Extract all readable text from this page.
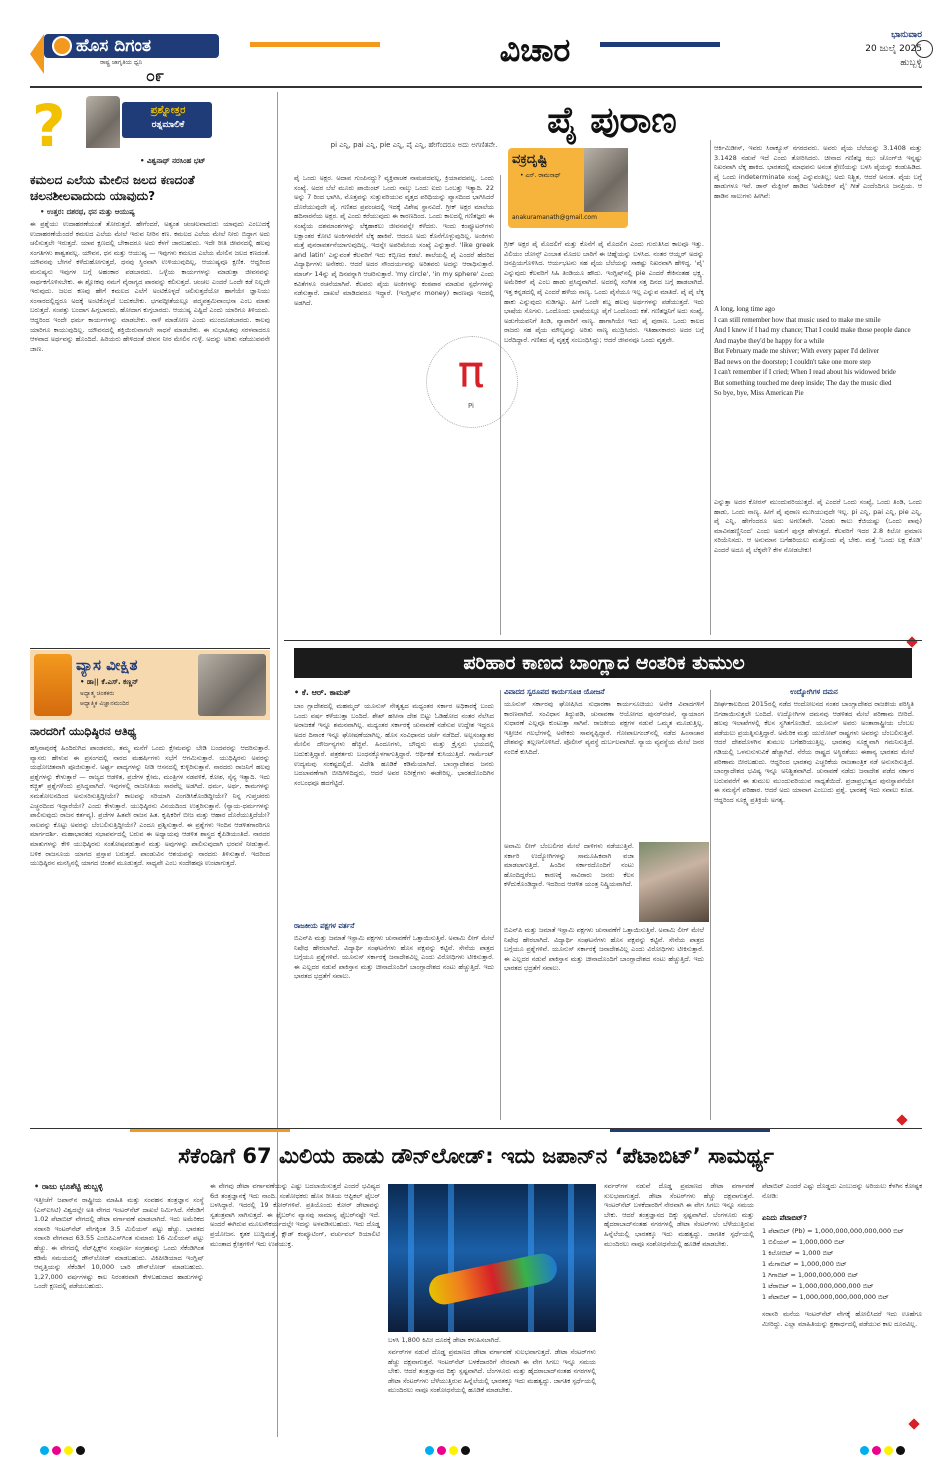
ಹೊಸ ದಿಗಂತ
ರಾಷ್ಟ್ರ ಜಾಗೃತಿಯ ಧ್ವನಿ
೦೯
ವಿಚಾರ	ಭಾನುವಾರ
20 ಜುಲೈ 2025
ಹುಬ್ಬಳ್ಳಿ
?	ಪ್ರಶ್ನೋತ್ತರ
ರತ್ನಮಾಲಿಕೆ
• ವಿಶ್ವನಾಥ್ ನರಸಿಂಹ ಭಟ್
ಕಮಲದ ಎಲೆಯ ಮೇಲಿನ ಜಲದ ಕಣದಂತೆ ಚಲನಶೀಲವಾದುದು ಯಾವುದು?
• ಉತ್ತರ: ದಶರಥ, ಧನ ಮತ್ತು ಆಯುಷ್ಯ
ಈ ಪ್ರಶ್ನೆಯು ಉದಾಹರಣೆಯಂತೆ ತೋರುತ್ತದೆ. ಹೇಗೆಂದರೆ, ಅತ್ಯಂತ ಚಂಚಲವಾದುದು ಯಾವುದು ಎಂಬುದಕ್ಕೆ ಉದಾಹರಣೆಯೆಂದರೆ ಕಮಲದ ಎಲೆಯ ಮೇಲೆ ಇರುವ ನೀರಿನ ಕಣ. ಕಮಲದ ಎಲೆಯ ಮೇಲೆ ನೀರು ಬಿದ್ದಾಗ ಅದು ಚಲಿಸುತ್ತಲೇ ಇರುತ್ತದೆ. ಯಾವ ಕ್ಷಣದಲ್ಲಿ ಬೇಕಾದರೂ ಅದು ಕೆಳಗೆ ಜಾರಬಹುದು. ಇದೇ ರೀತಿ ಜೀವನದಲ್ಲಿ ಹಲವು ಸಂಗತಿಗಳು ಶಾಶ್ವತವಲ್ಲ. ಯೌವನ, ಧನ ಮತ್ತು ಆಯುಷ್ಯ — ಇವುಗಳು ಕಮಲದ ಎಲೆಯ ಮೇಲಿನ ಜಲದ ಕಣದಂತೆ. ಯೌವನವು ಬೇಗನೆ ಕಳೆದುಹೋಗುತ್ತದೆ, ಧನವು ಸ್ಥಿರವಾಗಿ ಉಳಿಯುವುದಿಲ್ಲ, ಆಯುಷ್ಯವೂ ಕ್ಷಣಿಕ. ಆದ್ದರಿಂದ ಮನುಷ್ಯನು ಇವುಗಳ ಬಗ್ಗೆ ಅಹಂಕಾರ ಪಡಬಾರದು. ಒಳ್ಳೆಯ ಕಾರ್ಯಗಳನ್ನು ಮಾಡುತ್ತಾ ಜೀವನವನ್ನು ಸಾರ್ಥಕಗೊಳಿಸಬೇಕು. ಈ ಶ್ಲೋಕವು ನಮಗೆ ವೈರಾಗ್ಯದ ಪಾಠವನ್ನು ಕಲಿಸುತ್ತದೆ. ಚಂಚಲ ಎಂದರೆ ಒಂದೇ ಕಡೆ ನಿಲ್ಲದೇ ಇರುವುದು. ಜಲದ ಕಣವು ಹೇಗೆ ಕಮಲದ ಎಲೆಗೆ ಅಂಟಿಕೊಳ್ಳದೆ ಚಲಿಸುತ್ತದೆಯೋ ಹಾಗೆಯೇ ಜ್ಞಾನಿಯು ಸಂಸಾರದಲ್ಲಿದ್ದರೂ ಅದಕ್ಕೆ ಅಂಟಿಕೊಳ್ಳದೆ ಬದುಕಬೇಕು. ಭಗವದ್ಗೀತೆಯಲ್ಲೂ ಪದ್ಮಪತ್ರಮಿವಾಂಭಸಾ ಎಂಬ ಮಾತು ಬರುತ್ತದೆ. ಸಂಪತ್ತು ಬಂದಾಗ ಹಿಗ್ಗಬಾರದು, ಹೋದಾಗ ಕುಗ್ಗಬಾರದು. ಆಯುಷ್ಯ ಎಷ್ಟಿದೆ ಎಂದು ಯಾರಿಗೂ ತಿಳಿಯದು. ಆದ್ದರಿಂದ ಇಂದೇ ಧರ್ಮ ಕಾರ್ಯಗಳನ್ನು ಮಾಡಬೇಕು. ನಾಳೆ ಮಾಡೋಣ ಎಂದು ಮುಂದೂಡಬಾರದು. ಕಾಲವು ಯಾರಿಗೂ ಕಾಯುವುದಿಲ್ಲ. ಯೌವನದಲ್ಲಿ ಶಕ್ತಿಯಿರುವಾಗಲೇ ಸಾಧನೆ ಮಾಡಬೇಕು. ಈ ಸುಭಾಷಿತವು ಸರಳವಾದರೂ ಆಳವಾದ ಅರ್ಥವನ್ನು ಹೊಂದಿದೆ. ಹಿರಿಯರು ಹೇಳಿದಂತೆ ಜೀವನ ನೀರ ಮೇಲಿನ ಗುಳ್ಳೆ. ಅದನ್ನು ಅರಿತು ನಡೆಯುವವನೇ ಜಾಣ.
ವ್ಯಾಸ ವೀಕ್ಷಿತ
• ಡಾ|| ಕೆ.ಎಸ್. ಕಣ್ಣನ್
ಅಧ್ಯಾತ್ಮ ಚಿಂತಕರು
ಆಧ್ಯಾತ್ಮಿಕ ವಿಜ್ಞಾನಮಂದಿರ
ನಾರದರಿಗೆ ಯುಧಿಷ್ಠಿರನ ಆತಿಥ್ಯ
ಹಸ್ತಿನಾಪುರಕ್ಕೆ ಹಿಂದಿರುಗಿದ ಪಾಂಡವರು, ತಮ್ಮ ಮನೆಗೆ ಒಂದು ಕ್ಷೇಮವನ್ನು ಬೇಡಿ ಬಂದವರನ್ನು ಆದರಿಸುತ್ತಾರೆ. ವ್ಯಾಸರು ಹೇಳುವ ಈ ಪ್ರಸಂಗದಲ್ಲಿ ನಾರದ ಮಹರ್ಷಿಗಳು ಸಭೆಗೆ ಆಗಮಿಸುತ್ತಾರೆ. ಯುಧಿಷ್ಠಿರನು ಅವರನ್ನು ಯಥೋಚಿತವಾಗಿ ಪೂಜಿಸುತ್ತಾನೆ. ಅರ್ಘ್ಯ ಪಾದ್ಯಗಳನ್ನು ನೀಡಿ ಆಸನದಲ್ಲಿ ಕುಳ್ಳಿರಿಸುತ್ತಾನೆ. ನಾರದರು ರಾಜನಿಗೆ ಹಲವು ಪ್ರಶ್ನೆಗಳನ್ನು ಕೇಳುತ್ತಾರೆ — ರಾಜ್ಯದ ಆಡಳಿತ, ಪ್ರಜೆಗಳ ಕ್ಷೇಮ, ಮಂತ್ರಿಗಳ ನಡವಳಿಕೆ, ಕೋಶ, ಸೈನ್ಯ ಇತ್ಯಾದಿ. ಇದು ಕಚ್ಚಿತ್ ಪ್ರಶ್ನೆಗಳೆಂದು ಪ್ರಸಿದ್ಧವಾಗಿದೆ. ಇವುಗಳಲ್ಲಿ ರಾಜನೀತಿಯ ಸಾರವೆಲ್ಲ ಅಡಗಿದೆ. ಧರ್ಮ, ಅರ್ಥ, ಕಾಮಗಳನ್ನು ಸಮತೋಲನದಿಂದ ಅನುಸರಿಸುತ್ತಿದ್ದೀಯೇ? ಕಾಲವನ್ನು ಸರಿಯಾಗಿ ವಿಂಗಡಿಸಿಕೊಂಡಿದ್ದೀಯೇ? ನಿನ್ನ ಗುಪ್ತಚರರು ಎಚ್ಚರದಿಂದ ಇದ್ದಾರೆಯೇ? ಎಂದು ಕೇಳುತ್ತಾರೆ. ಯುಧಿಷ್ಠಿರನು ವಿನಯದಿಂದ ಉತ್ತರಿಸುತ್ತಾನೆ. (ನ್ಯಾಯ-ಧರ್ಮಗಳನ್ನು ಪಾಲಿಸುವುದು ರಾಜನ ಕರ್ತವ್ಯ). ಪ್ರಜೆಗಳ ಹಿತವೇ ರಾಜನ ಹಿತ. ಕೃಷಿಕರಿಗೆ ಬೀಜ ಮತ್ತು ಆಹಾರ ದೊರೆಯುತ್ತಿದೆಯೇ? ಸಾಲವನ್ನು ಕೊಟ್ಟು ಅವರನ್ನು ಬೆಂಬಲಿಸುತ್ತಿದ್ದೀಯೇ? ಎಂದೂ ಪ್ರಶ್ನಿಸುತ್ತಾರೆ. ಈ ಪ್ರಶ್ನೆಗಳು ಇಂದಿನ ಆಡಳಿತಗಾರರಿಗೂ ಮಾರ್ಗದರ್ಶಿ. ಮಹಾಭಾರತದ ಸಭಾಪರ್ವದಲ್ಲಿ ಬರುವ ಈ ಅಧ್ಯಾಯವು ಆಡಳಿತ ಶಾಸ್ತ್ರದ ಕೈಪಿಡಿಯಂತಿದೆ. ನಾರದರ ಮಾತುಗಳನ್ನು ಕೇಳಿ ಯುಧಿಷ್ಠಿರನು ಸಂತೋಷಪಡುತ್ತಾನೆ ಮತ್ತು ಅವುಗಳನ್ನು ಪಾಲಿಸುವುದಾಗಿ ಭರವಸೆ ನೀಡುತ್ತಾನೆ. ಬಳಿಕ ರಾಜಸೂಯ ಯಾಗದ ಪ್ರಸ್ತಾಪ ಬರುತ್ತದೆ. ಪಾಂಡುವಿನ ಆಶಯವನ್ನು ನಾರದರು ತಿಳಿಸುತ್ತಾರೆ. ಇದರಿಂದ ಯುಧಿಷ್ಠಿರನ ಮನಸ್ಸಿನಲ್ಲಿ ಯಾಗದ ಚಿಂತನೆ ಮೂಡುತ್ತದೆ. ಸಾಧ್ಯವೇ ಎಂಬ ಸಂದೇಹವೂ ಉಂಟಾಗುತ್ತದೆ.
pi ಎನ್ನಿ, pai ಎನ್ನಿ, pie ಎನ್ನಿ, ಪೈ ಎನ್ನಿ, ಹೇಗೆಂದರೂ ಅದು ಅಗಣಿತವೇ.
ಪೈ ಪುರಾಣ
ವಕ್ರದೃಷ್ಟಿ
• ಎನ್. ರಾಮನಾಥ್
anakuramanath@gmail.com
π
Pi
ಪೈ ಒಂದು ಅಕ್ಷರ. ಅದಾವ ಗುಂಪಿನದ್ದು? ವ್ಯಕ್ತಿವಾಚಕ ನಾಮಪದವಲ್ಲ, ಕ್ರಿಯಾಪದವಲ್ಲ. ಒಂದು ಸಂಖ್ಯೆ. ಅದರ ಬೆಲೆ ಮೂರು ಪಾಯಿಂಟ್ ಒಂದು ನಾಲ್ಕು ಒಂದು ಐದು ಒಂಬತ್ತು ಇತ್ಯಾದಿ. 22 ಅನ್ನು 7 ರಿಂದ ಭಾಗಿಸಿ, ಮೊತ್ತವನ್ನು ಸುತ್ತುವರಿಯುವ ವೃತ್ತದ ಪರಿಧಿಯನ್ನು ವ್ಯಾಸದಿಂದ ಭಾಗಿಸಿದರೆ ದೊರೆಯುವುದೇ ಪೈ. ಗಣಿತದ ಪ್ರಪಂಚದಲ್ಲಿ ಇದಕ್ಕೆ ವಿಶೇಷ ಸ್ಥಾನವಿದೆ. ಗ್ರೀಕ್ ಅಕ್ಷರ ಮಾಲೆಯ ಹದಿನಾರನೆಯ ಅಕ್ಷರ. ಪೈ ಎಂದು ಕರೆಯುವುದು ಈ ಕಾರಣದಿಂದ. ಒಂದು ಕಾಲದಲ್ಲಿ ಗಣಿತಜ್ಞರು ಈ ಸಂಖ್ಯೆಯ ದಶಮಾಂಶಗಳನ್ನು ಲೆಕ್ಕಹಾಕಲು ಜೀವನವನ್ನೇ ಕಳೆದರು. ಇಂದು ಕಂಪ್ಯೂಟರ್‌ಗಳು ಲಕ್ಷಾಂತರ ಕೋಟಿ ಅಂಕಿಗಳವರೆಗೆ ಲೆಕ್ಕ ಹಾಕಿವೆ. ಆದರೂ ಅದು ಕೊನೆಗೊಳ್ಳುವುದಿಲ್ಲ. ಅಂಕಿಗಳು ಮತ್ತೆ ಪುನರಾವರ್ತನೆಯಾಗುವುದಿಲ್ಲ. ಇದನ್ನೇ ಅಪರಿಮೇಯ ಸಂಖ್ಯೆ ಎನ್ನುತ್ತಾರೆ. 'like greek and latin' ಎನ್ನುವಂತೆ ಕೆಲವರಿಗೆ ಇದು ಕಬ್ಬಿಣದ ಕಡಲೆ. ಶಾಲೆಯಲ್ಲಿ ಪೈ ಎಂದರೆ ಹೆದರಿದ ವಿದ್ಯಾರ್ಥಿಗಳು ಅನೇಕರು. ಆದರೆ ಅದರ ಸೌಂದರ್ಯವನ್ನು ಅರಿತವರು ಅದನ್ನು ಆರಾಧಿಸುತ್ತಾರೆ. ಮಾರ್ಚ್ 14ನ್ನು ಪೈ ದಿನವನ್ನಾಗಿ ಆಚರಿಸುತ್ತಾರೆ. 'my circle', 'in my sphere' ಎಂದು ಕವಿತೆಗಳೂ ರಚನೆಯಾಗಿವೆ. ಕೆಲವರು ಪೈಯ ಅಂಕಿಗಳನ್ನು ಕಂಠಪಾಠ ಮಾಡುವ ಸ್ಪರ್ಧೆಗಳನ್ನು ನಡೆಸುತ್ತಾರೆ. ದಾಖಲೆ ಮಾಡಿದವರೂ ಇದ್ದಾರೆ. (ಇಂಗ್ಲಿಷ್‌ನ money) ಕಾರಣವೂ ಇದರಲ್ಲಿ ಅಡಗಿದೆ.
ಗ್ರೀಕ್ ಅಕ್ಷರ ಪೈ ಮೊದಲಿಗೆ ಮತ್ತು ಕೊನೆಗೆ ಪೈ ಮೊದಲಿಗ ಎಂದು ಗುರುತಿಸಿದ ಕಾಲವೂ ಇತ್ತು. ವಿಲಿಯಂ ಜೋನ್ಸ್ ಎಂಬಾತ ಮೊದಲ ಬಾರಿಗೆ ಈ ಚಿಹ್ನೆಯನ್ನು ಬಳಸಿದ. ನಂತರ ಆಯ್ಲರ್ ಅದನ್ನು ಜನಪ್ರಿಯಗೊಳಿಸಿದ. ಆರ್ಯಭಟನು ಸಹ ಪೈಯ ಬೆಲೆಯನ್ನು ಸಾಕಷ್ಟು ನಿಖರವಾಗಿ ಹೇಳಿದ್ದ. 'ಪೈ' ಎನ್ನುವುದು ಕೆಲವರಿಗೆ ಸಿಹಿ ತಿಂಡಿಯೂ ಹೌದು. ಇಂಗ್ಲಿಷ್‌ನಲ್ಲಿ pie ಎಂದರೆ ಕೇಕಿನಂತಹ ಭಕ್ಷ್ಯ. ಅಮೆರಿಕನ್ ಪೈ ಎಂಬ ಹಾಡು ಪ್ರಸಿದ್ಧವಾಗಿದೆ. ಅದರಲ್ಲಿ ಸಂಗೀತ ಸತ್ತ ದಿನದ ಬಗ್ಗೆ ಹಾಡಲಾಗಿದೆ. ಇತ್ತ ಕನ್ನಡದಲ್ಲಿ ಪೈ ಎಂದರೆ ಹಳೆಯ ನಾಣ್ಯ. ಒಂದು ಪೈಸೆಯೂ ಇಲ್ಲ ಎನ್ನುವ ಮಾತಿದೆ. ಪೈ ಪೈ ಲೆಕ್ಕ ಹಾಕು ಎನ್ನುವುದು ನುಡಿಗಟ್ಟು. ಹೀಗೆ ಒಂದೇ ಶಬ್ದ ಹಲವು ಅರ್ಥಗಳನ್ನು ಪಡೆಯುತ್ತದೆ. ಇದು ಭಾಷೆಯ ಸೊಗಸು. ಒಂದೊಂದು ಭಾಷೆಯಲ್ಲೂ ಪೈಗೆ ಒಂದೊಂದು ಕತೆ. ಗಣಿತಜ್ಞನಿಗೆ ಅದು ಸಂಖ್ಯೆ, ಅಡುಗೆಯವನಿಗೆ ತಿಂಡಿ, ವ್ಯಾಪಾರಿಗೆ ನಾಣ್ಯ. ಹಾಗಾಗಿಯೇ ಇದು ಪೈ ಪುರಾಣ. ಒಂದು ಕಾಲದ ರಾಜರು ಸಹ ಪೈಯ ಮೌಲ್ಯವನ್ನು ಅರಿತು ನಾಣ್ಯ ಮುದ್ರಿಸಿದರು. ಇತಿಹಾಸಕಾರರು ಅದರ ಬಗ್ಗೆ ಬರೆದಿದ್ದಾರೆ. ಗಣಿತದ ಪೈ ವೃತ್ತಕ್ಕೆ ಸಂಬಂಧಿಸಿದ್ದು; ಆದರೆ ಜೀವನವೂ ಒಂದು ವೃತ್ತವೇ.
ಆರ್ಕಿಮಿಡೀಸ್, ಇವರು ಸಿರಾಕ್ಯೂಸ್ ನಗರದವರು. ಅವರು ಪೈಯ ಬೆಲೆಯನ್ನು 3.1408 ಮತ್ತು 3.1428 ನಡುವೆ ಇದೆ ಎಂದು ತೋರಿಸಿದರು. ಚೀನಾದ ಗಣಿತಜ್ಞ ಝು ಚೊಂಗ್‌ಜಿ ಇನ್ನಷ್ಟು ನಿಖರವಾಗಿ ಲೆಕ್ಕ ಹಾಕಿದ. ಭಾರತದಲ್ಲಿ ಮಾಧವನು ಅನಂತ ಶ್ರೇಣಿಯನ್ನು ಬಳಸಿ ಪೈಯನ್ನು ಕಂಡುಹಿಡಿದ. ಪೈ ಒಂದು indeterminate ಸಂಖ್ಯೆ ಎನ್ನುವಂತಿಲ್ಲ; ಅದು ನಿಶ್ಚಿತ, ಆದರೆ ಅನಂತ. ಪೈಯ ಬಗ್ಗೆ ಹಾಡುಗಳೂ ಇವೆ. ಡಾನ್ ಮೆಕ್ಲೀನ್ ಹಾಡಿದ 'ಅಮೆರಿಕನ್ ಪೈ' ಗೀತೆ ಎಂದೆಂದಿಗೂ ಜನಪ್ರಿಯ. ಆ ಹಾಡಿನ ಸಾಲುಗಳು ಹೀಗಿವೆ:
A long, long time ago
I can still remember how that music used to make me smile
And I knew if I had my chance; That I could make those people dance
And maybe they'd be happy for a while
But February made me shiver; With every paper I'd deliver
Bad news on the doorstep; I couldn't take one more step
I can't remember if I cried; When I read about his widowed bride
But something touched me deep inside; The day the music died
So bye, bye, Miss American Pie
ಎನ್ನುತ್ತಾ ಅದರ ಕೋರಸ್ ಮುಂದುವರಿಯುತ್ತದೆ. ಪೈ ಎಂದರೆ ಒಂದು ಸಂಖ್ಯೆ, ಒಂದು ತಿಂಡಿ, ಒಂದು ಹಾಡು, ಒಂದು ನಾಣ್ಯ. ಹೀಗೆ ಪೈ ಪುರಾಣ ಮುಗಿಯುವುದೇ ಇಲ್ಲ. pi ಎನ್ನಿ, pai ಎನ್ನಿ, pie ಎನ್ನಿ, ಪೈ ಎನ್ನಿ, ಹೇಗೆಂದರೂ ಅದು ಅಗಣಿತವೇ. 'ಎರಡು ಕಾಲು ಕೆಜಿಯಷ್ಟು (ಒಂದು ಪಾವು) ಮಾವಿನಹಣ್ಣಿನಿಂದ' ಎಂದು ಅಡುಗೆ ಪುಸ್ತಕ ಹೇಳುತ್ತದೆ. ಕೆಲವರಿಗೆ ಇದರ 2.8 ಕಿಲೋ ಪ್ರಮಾಣ ಸರಿಯೆನಿಸದು. ಆ ಅನುಮಾನ ಬಗೆಹರಿಯಲು ಮತ್ತೊಂದು ಪೈ ಬೇಕು. ಮತ್ತೆ 'ಒಂದು ಲಕ್ಷ ಕೊಡಿ' ಎಂದರೆ ಅದೂ ಪೈ ಲೆಕ್ಕವೇ? ಕೇಳ ನೋಡಬೇಕು!
ಪರಿಹಾರ ಕಾಣದ ಬಾಂಗ್ಲಾದ ಆಂತರಿಕ ತುಮುಲ
• ಕೆ. ಆರ್. ಕಾಮತ್
ಬಾಂ ಗ್ಲಾದೇಶದಲ್ಲಿ ಮಹಮ್ಮದ್ ಯೂನುಸ್ ನೇತೃತ್ವದ ಮಧ್ಯಂತರ ಸರ್ಕಾರ ಅಧಿಕಾರಕ್ಕೆ ಬಂದು ಒಂದು ವರ್ಷ ಕಳೆಯುತ್ತಾ ಬಂದಿದೆ. ಶೇಖ್ ಹಸೀನಾ ದೇಶ ಬಿಟ್ಟು ಓಡಿಹೋದ ನಂತರ ನೆಲೆಸಿದ ಅರಾಜಕತೆ ಇನ್ನೂ ಶಮನವಾಗಿಲ್ಲ. ಮಧ್ಯಂತರ ಸರ್ಕಾರಕ್ಕೆ ಚುನಾವಣೆ ನಡೆಸುವ ಉದ್ದೇಶ ಇದ್ದರೂ ಅದರ ದಿನಾಂಕ ಇನ್ನೂ ಘೋಷಣೆಯಾಗಿಲ್ಲ. ಹೊಸ ಸಂವಿಧಾನದ ಚರ್ಚೆ ನಡೆದಿದೆ. ಅಲ್ಪಸಂಖ್ಯಾತರ ಮೇಲಿನ ದೌರ್ಜನ್ಯಗಳು ಹೆಚ್ಚಿವೆ. ಹಿಂದೂಗಳು, ಬೌದ್ಧರು ಮತ್ತು ಕ್ರೈಸ್ತರು ಭಯದಲ್ಲಿ ಬದುಕುತ್ತಿದ್ದಾರೆ. ಪತ್ರಕರ್ತರು ಬಂಧನಕ್ಕೊಳಗಾಗುತ್ತಿದ್ದಾರೆ. ಆರ್ಥಿಕತೆ ಕುಸಿಯುತ್ತಿದೆ. ಗಾರ್ಮೆಂಟ್ ಉದ್ಯಮವು ಸಂಕಷ್ಟದಲ್ಲಿದೆ. ವಿದೇಶಿ ಹೂಡಿಕೆ ಕಡಿಮೆಯಾಗಿದೆ. ಬಾಂಗ್ಲಾದೇಶದ ಜನರು ಬದಲಾವಣೆಗಾಗಿ ಬೀದಿಗಿಳಿದಿದ್ದರು, ಆದರೆ ಅವರ ನಿರೀಕ್ಷೆಗಳು ಈಡೇರಿಲ್ಲ. ಭಾರತದೊಂದಿಗಿನ ಸಂಬಂಧವೂ ಹದಗೆಟ್ಟಿದೆ.
ರಾಜಕೀಯ ಪಕ್ಷಗಳ ವರ್ತನೆ
ಬಿಎನ್‌ಪಿ ಮತ್ತು ಜಮಾತೆ ಇಸ್ಲಾಮಿ ಪಕ್ಷಗಳು ಚುನಾವಣೆಗೆ ಒತ್ತಾಯಿಸುತ್ತಿವೆ. ಅವಾಮಿ ಲೀಗ್ ಮೇಲೆ ನಿಷೇಧ ಹೇರಲಾಗಿದೆ. ವಿದ್ಯಾರ್ಥಿ ಸಂಘಟನೆಗಳು ಹೊಸ ಪಕ್ಷವನ್ನು ಕಟ್ಟಿವೆ. ಸೇನೆಯ ಪಾತ್ರದ ಬಗ್ಗೆಯೂ ಪ್ರಶ್ನೆಗಳಿವೆ. ಯೂನುಸ್ ಸರ್ಕಾರಕ್ಕೆ ಜನಾದೇಶವಿಲ್ಲ ಎಂದು ವಿರೋಧಿಗಳು ಟೀಕಿಸುತ್ತಾರೆ. ಈ ಎಲ್ಲದರ ನಡುವೆ ಪಾಕಿಸ್ತಾನ ಮತ್ತು ಚೀನಾದೊಂದಿಗೆ ಬಾಂಗ್ಲಾದೇಶದ ನಂಟು ಹೆಚ್ಚುತ್ತಿದೆ. ಇದು ಭಾರತದ ಭದ್ರತೆಗೆ ಸವಾಲು.
ವಿವಾದದ ಸ್ವರೂಪದ ಕಾರ್ಯಸೂಚಿ ಯೋಜನೆ
ಯೂನುಸ್ ಸರ್ಕಾರವು ಘೋಷಿಸಿದ ಸುಧಾರಣಾ ಕಾರ್ಯಸೂಚಿಯು ಅನೇಕ ವಿವಾದಗಳಿಗೆ ಕಾರಣವಾಗಿದೆ. ಸಂವಿಧಾನ ತಿದ್ದುಪಡಿ, ಚುನಾವಣಾ ಆಯೋಗದ ಪುನರ್‌ರಚನೆ, ನ್ಯಾಯಾಂಗ ಸುಧಾರಣೆ ಎಲ್ಲವೂ ಕುಂಟುತ್ತಾ ಸಾಗಿವೆ. ರಾಜಕೀಯ ಪಕ್ಷಗಳ ನಡುವೆ ಒಮ್ಮತ ಮೂಡುತ್ತಿಲ್ಲ. ಇತ್ತೀಚಿನ ಗಲಭೆಗಳಲ್ಲಿ ಅನೇಕರು ಸಾವನ್ನಪ್ಪಿದ್ದಾರೆ. ಗೋಪಾಲಗಂಜ್‌ನಲ್ಲಿ ನಡೆದ ಹಿಂಸಾಚಾರ ದೇಶವನ್ನು ತಲ್ಲಣಗೊಳಿಸಿದೆ. ಪೊಲೀಸ್ ವ್ಯವಸ್ಥೆ ದುರ್ಬಲವಾಗಿದೆ. ನ್ಯಾಯ ವ್ಯವಸ್ಥೆಯ ಮೇಲೆ ಜನರ ನಂಬಿಕೆ ಕುಸಿದಿದೆ.
ಅವಾಮಿ ಲೀಗ್ ಬೆಂಬಲಿಗರ ಮೇಲೆ ದಾಳಿಗಳು ನಡೆಯುತ್ತಿವೆ. ಸರ್ಕಾರಿ ಉದ್ಯೋಗಿಗಳನ್ನು ಸಾಮೂಹಿಕವಾಗಿ ವಜಾ ಮಾಡಲಾಗುತ್ತಿದೆ. ಹಿಂದಿನ ಸರ್ಕಾರದೊಂದಿಗೆ ನಂಟು ಹೊಂದಿದ್ದರೆಂಬ ಕಾರಣಕ್ಕೆ ಸಾವಿರಾರು ಜನರು ಕೆಲಸ ಕಳೆದುಕೊಂಡಿದ್ದಾರೆ. ಇದರಿಂದ ಆಡಳಿತ ಯಂತ್ರ ನಿಷ್ಕ್ರಿಯವಾಗಿದೆ.
ಬಿಎನ್‌ಪಿ ಮತ್ತು ಜಮಾತೆ ಇಸ್ಲಾಮಿ ಪಕ್ಷಗಳು ಚುನಾವಣೆಗೆ ಒತ್ತಾಯಿಸುತ್ತಿವೆ. ಅವಾಮಿ ಲೀಗ್ ಮೇಲೆ ನಿಷೇಧ ಹೇರಲಾಗಿದೆ. ವಿದ್ಯಾರ್ಥಿ ಸಂಘಟನೆಗಳು ಹೊಸ ಪಕ್ಷವನ್ನು ಕಟ್ಟಿವೆ. ಸೇನೆಯ ಪಾತ್ರದ ಬಗ್ಗೆಯೂ ಪ್ರಶ್ನೆಗಳಿವೆ. ಯೂನುಸ್ ಸರ್ಕಾರಕ್ಕೆ ಜನಾದೇಶವಿಲ್ಲ ಎಂದು ವಿರೋಧಿಗಳು ಟೀಕಿಸುತ್ತಾರೆ. ಈ ಎಲ್ಲದರ ನಡುವೆ ಪಾಕಿಸ್ತಾನ ಮತ್ತು ಚೀನಾದೊಂದಿಗೆ ಬಾಂಗ್ಲಾದೇಶದ ನಂಟು ಹೆಚ್ಚುತ್ತಿದೆ. ಇದು ಭಾರತದ ಭದ್ರತೆಗೆ ಸವಾಲು.
ಉದ್ಯೋಗಿಗಳ ದಮನ
ದೀರ್ಘಕಾಲದಿಂದ 2015ರಲ್ಲಿ ನಡೆದ ಆಂದೋಲನದ ನಂತರ ಬಾಂಗ್ಲಾದೇಶದ ರಾಜಕೀಯ ಪರಿಸ್ಥಿತಿ ಬಿಗಡಾಯಿಸುತ್ತಲೇ ಬಂದಿದೆ. ಉದ್ಯೋಗಿಗಳ ದಮನವು ಆಡಳಿತದ ಮೇಲೆ ಪರಿಣಾಮ ಬೀರಿದೆ. ಹಲವು ಇಲಾಖೆಗಳಲ್ಲಿ ಕೆಲಸ ಸ್ಥಗಿತಗೊಂಡಿದೆ. ಯೂನುಸ್ ಅವರು ಅಂತಾರಾಷ್ಟ್ರೀಯ ಬೆಂಬಲ ಪಡೆಯಲು ಪ್ರಯತ್ನಿಸುತ್ತಿದ್ದಾರೆ. ಅಮೆರಿಕ ಮತ್ತು ಯುರೋಪ್ ರಾಷ್ಟ್ರಗಳು ಅವರನ್ನು ಬೆಂಬಲಿಸುತ್ತಿವೆ. ಆದರೆ ದೇಶದೊಳಗಿನ ತುಮುಲ ಬಗೆಹರಿಯುತ್ತಿಲ್ಲ. ಭಾರತವು ಸೂಕ್ಷ್ಮವಾಗಿ ಗಮನಿಸುತ್ತಿದೆ. ಗಡಿಯಲ್ಲಿ ಒಳನುಸುಳುವಿಕೆ ಹೆಚ್ಚಾಗಿದೆ. ನೆರೆಯ ರಾಷ್ಟ್ರದ ಅಸ್ಥಿರತೆಯು ಈಶಾನ್ಯ ಭಾರತದ ಮೇಲೆ ಪರಿಣಾಮ ಬೀರಬಹುದು. ಆದ್ದರಿಂದ ಭಾರತವು ಎಚ್ಚರಿಕೆಯ ರಾಜತಾಂತ್ರಿಕ ನಡೆ ಅನುಸರಿಸುತ್ತಿದೆ. ಬಾಂಗ್ಲಾದೇಶದ ಭವಿಷ್ಯ ಇನ್ನೂ ಅನಿಶ್ಚಿತವಾಗಿದೆ. ಚುನಾವಣೆ ನಡೆದು ಜನಾದೇಶ ಪಡೆದ ಸರ್ಕಾರ ಬರುವವರೆಗೆ ಈ ತುಮುಲ ಮುಂದುವರಿಯುವ ಸಾಧ್ಯತೆಯಿದೆ. ಪ್ರಜಾಪ್ರಭುತ್ವದ ಪುನಃಸ್ಥಾಪನೆಯೇ ಈ ಸಮಸ್ಯೆಗೆ ಪರಿಹಾರ. ಆದರೆ ಅದು ಯಾವಾಗ ಎಂಬುದು ಪ್ರಶ್ನೆ. ಭಾರತಕ್ಕೆ ಇದು ಸವಾಲು ಕೂಡ. ಆದ್ದರಿಂದ ಸೂಕ್ಷ್ಮ ಪ್ರತಿಕ್ರಿಯೆ ಅಗತ್ಯ.
ಸೆಕೆಂಡಿಗೆ 67 ಮಿಲಿಯ ಹಾಡು ಡೌನ್‌ಲೋಡ್: ಇದು ಜಪಾನ್‌ನ ‘ಪೆಟಾಬಿಟ್’ ಸಾಮರ್ಥ್ಯ
• ರಾಜು ಭೂಶೆಟ್ಟಿ ಹುಬ್ಬಳ್ಳಿ
ಇತ್ತೀಚೆಗೆ ಜಪಾನ್‌ನ ರಾಷ್ಟ್ರೀಯ ಮಾಹಿತಿ ಮತ್ತು ಸಂವಹನ ತಂತ್ರಜ್ಞಾನ ಸಂಸ್ಥೆ (ಎನ್‌ಐಸಿಟಿ) ವಿಶ್ವದಲ್ಲೇ ಅತಿ ವೇಗದ ಇಂಟರ್‌ನೆಟ್ ದಾಖಲೆ ನಿರ್ಮಿಸಿದೆ. ಸೆಕೆಂಡಿಗೆ 1.02 ಪೆಟಾಬಿಟ್ ವೇಗದಲ್ಲಿ ಡೇಟಾ ವರ್ಗಾವಣೆ ಮಾಡಲಾಗಿದೆ. ಇದು ಅಮೆರಿಕದ ಸರಾಸರಿ ಇಂಟರ್‌ನೆಟ್ ವೇಗಕ್ಕಿಂತ 3.5 ಮಿಲಿಯನ್ ಪಟ್ಟು ಹೆಚ್ಚು. ಭಾರತದ ಸರಾಸರಿ ವೇಗವಾದ 63.55 ಎಂಬಿಪಿಎಸ್‌ಗಿಂತ ಸುಮಾರು 16 ಮಿಲಿಯನ್ ಪಟ್ಟು ಹೆಚ್ಚು. ಈ ವೇಗದಲ್ಲಿ ನೆಟ್‌ಫ್ಲಿಕ್ಸ್‌ನ ಸಂಪೂರ್ಣ ಸಂಗ್ರಹವನ್ನು ಒಂದು ಸೆಕೆಂಡಿಗಿಂತ ಕಡಿಮೆ ಸಮಯದಲ್ಲಿ ಡೌನ್‌ಲೋಡ್ ಮಾಡಬಹುದು. ವಿಕಿಪೀಡಿಯಾದ ಇಂಗ್ಲಿಷ್ ಆವೃತ್ತಿಯನ್ನು ಸೆಕೆಂಡಿಗೆ 10,000 ಬಾರಿ ಡೌನ್‌ಲೋಡ್ ಮಾಡಬಹುದು. 1,27,000 ವರ್ಷಗಳಷ್ಟು ಕಾಲ ನಿರಂತರವಾಗಿ ಕೇಳಬಹುದಾದ ಹಾಡುಗಳನ್ನು ಒಂದೇ ಕ್ಷಣದಲ್ಲಿ ಪಡೆಯಬಹುದು.
ಈ ವೇಗವು ಡೇಟಾ ವರ್ಗಾವಣೆಯನ್ನು ಎಷ್ಟು ಬದಲಾಯಿಸುತ್ತದೆ ಎಂದರೆ ಭವಿಷ್ಯದ 6ಜಿ ತಂತ್ರಜ್ಞಾನಕ್ಕೆ ಇದು ನಾಂದಿ. ಸಂಶೋಧಕರು ಹೊಸ ರೀತಿಯ ಆಪ್ಟಿಕಲ್ ಫೈಬರ್ ಬಳಸಿದ್ದಾರೆ. ಇದರಲ್ಲಿ 19 ಕೋರ್‌ಗಳಿವೆ. ಪ್ರತಿಯೊಂದು ಕೋರ್ ಡೇಟಾವನ್ನು ಸ್ವತಂತ್ರವಾಗಿ ಸಾಗಿಸುತ್ತದೆ. ಈ ಫೈಬರ್‌ನ ವ್ಯಾಸವು ಸಾಮಾನ್ಯ ಫೈಬರ್‌ನಷ್ಟೇ ಇದೆ. ಅಂದರೆ ಈಗಿರುವ ಮೂಲಸೌಕರ್ಯದಲ್ಲೇ ಇದನ್ನು ಅಳವಡಿಸಬಹುದು. ಇದು ದೊಡ್ಡ ಪ್ರಯೋಜನ. ಕೃತಕ ಬುದ್ಧಿಮತ್ತೆ, ಕ್ಲೌಡ್ ಕಂಪ್ಯೂಟಿಂಗ್, ವರ್ಚುವಲ್ ರಿಯಾಲಿಟಿ ಮುಂತಾದ ಕ್ಷೇತ್ರಗಳಿಗೆ ಇದು ಉಪಯುಕ್ತ.
ಬಳಸಿ 1,800 ಕಿಮೀ ದೂರಕ್ಕೆ ಡೇಟಾ ಕಳುಹಿಸಲಾಗಿದೆ.
ಸರ್ವರ್‌ಗಳ ನಡುವೆ ದೊಡ್ಡ ಪ್ರಮಾಣದ ಡೇಟಾ ವರ್ಗಾವಣೆ ಸುಲಭವಾಗುತ್ತದೆ. ಡೇಟಾ ಸೆಂಟರ್‌ಗಳು ಹೆಚ್ಚು ದಕ್ಷವಾಗುತ್ತವೆ. ಇಂಟರ್‌ನೆಟ್ ಬಳಕೆದಾರರಿಗೆ ನೇರವಾಗಿ ಈ ವೇಗ ಸಿಗಲು ಇನ್ನೂ ಸಮಯ ಬೇಕು. ಆದರೆ ತಂತ್ರಜ್ಞಾನದ ದಿಕ್ಕು ಸ್ಪಷ್ಟವಾಗಿದೆ. ಬೆಂಗಳೂರು ಮತ್ತು ಹೈದರಾಬಾದ್‌ನಂತಹ ನಗರಗಳಲ್ಲಿ ಡೇಟಾ ಸೆಂಟರ್‌ಗಳು ಬೆಳೆಯುತ್ತಿರುವ ಹಿನ್ನೆಲೆಯಲ್ಲಿ ಭಾರತಕ್ಕೂ ಇದು ಮಹತ್ವದ್ದು. ಜಾಗತಿಕ ಸ್ಪರ್ಧೆಯಲ್ಲಿ ಮುಂದಿರಲು ನಾವೂ ಸಂಶೋಧನೆಯಲ್ಲಿ ಹೂಡಿಕೆ ಮಾಡಬೇಕು.
ಸರ್ವರ್‌ಗಳ ನಡುವೆ ದೊಡ್ಡ ಪ್ರಮಾಣದ ಡೇಟಾ ವರ್ಗಾವಣೆ ಸುಲಭವಾಗುತ್ತದೆ. ಡೇಟಾ ಸೆಂಟರ್‌ಗಳು ಹೆಚ್ಚು ದಕ್ಷವಾಗುತ್ತವೆ. ಇಂಟರ್‌ನೆಟ್ ಬಳಕೆದಾರರಿಗೆ ನೇರವಾಗಿ ಈ ವೇಗ ಸಿಗಲು ಇನ್ನೂ ಸಮಯ ಬೇಕು. ಆದರೆ ತಂತ್ರಜ್ಞಾನದ ದಿಕ್ಕು ಸ್ಪಷ್ಟವಾಗಿದೆ. ಬೆಂಗಳೂರು ಮತ್ತು ಹೈದರಾಬಾದ್‌ನಂತಹ ನಗರಗಳಲ್ಲಿ ಡೇಟಾ ಸೆಂಟರ್‌ಗಳು ಬೆಳೆಯುತ್ತಿರುವ ಹಿನ್ನೆಲೆಯಲ್ಲಿ ಭಾರತಕ್ಕೂ ಇದು ಮಹತ್ವದ್ದು. ಜಾಗತಿಕ ಸ್ಪರ್ಧೆಯಲ್ಲಿ ಮುಂದಿರಲು ನಾವೂ ಸಂಶೋಧನೆಯಲ್ಲಿ ಹೂಡಿಕೆ ಮಾಡಬೇಕು.
ಪೆಟಾಬಿಟ್ ಎಂದರೆ ಎಷ್ಟು ದೊಡ್ಡದು ಎಂಬುದನ್ನು ಅರಿಯಲು ಕೆಳಗಿನ ಕೋಷ್ಟಕ ನೋಡಿ:
ಏನಿದು ಪೆಟಾಬಿಟ್?
1 ಪೆಟಾಬಿಟ್ (Pb) = 1,000,000,000,000,000 ಬಿಟ್
1 ಬಿಲಿಯನ್ = 1,000,000 ಬಿಟ್
1 ಕಿಲೋಬಿಟ್ = 1,000 ಬಿಟ್
1 ಮೆಗಾಬಿಟ್ = 1,000,000 ಬಿಟ್
1 ಗಿಗಾಬಿಟ್ = 1,000,000,000 ಬಿಟ್
1 ಟೆರಾಬಿಟ್ = 1,000,000,000,000 ಬಿಟ್
1 ಪೆಟಾಬಿಟ್ = 1,000,000,000,000,000 ಬಿಟ್
ಸರಾಸರಿ ಮನೆಯ ಇಂಟರ್‌ನೆಟ್ ವೇಗಕ್ಕೆ ಹೋಲಿಸಿದರೆ ಇದು ಊಹೆಗೂ ಮೀರಿದ್ದು. ಎಲ್ಲಾ ಮಾಹಿತಿಯನ್ನು ಕ್ಷಣಾರ್ಧದಲ್ಲಿ ಪಡೆಯುವ ಕಾಲ ದೂರವಿಲ್ಲ.
